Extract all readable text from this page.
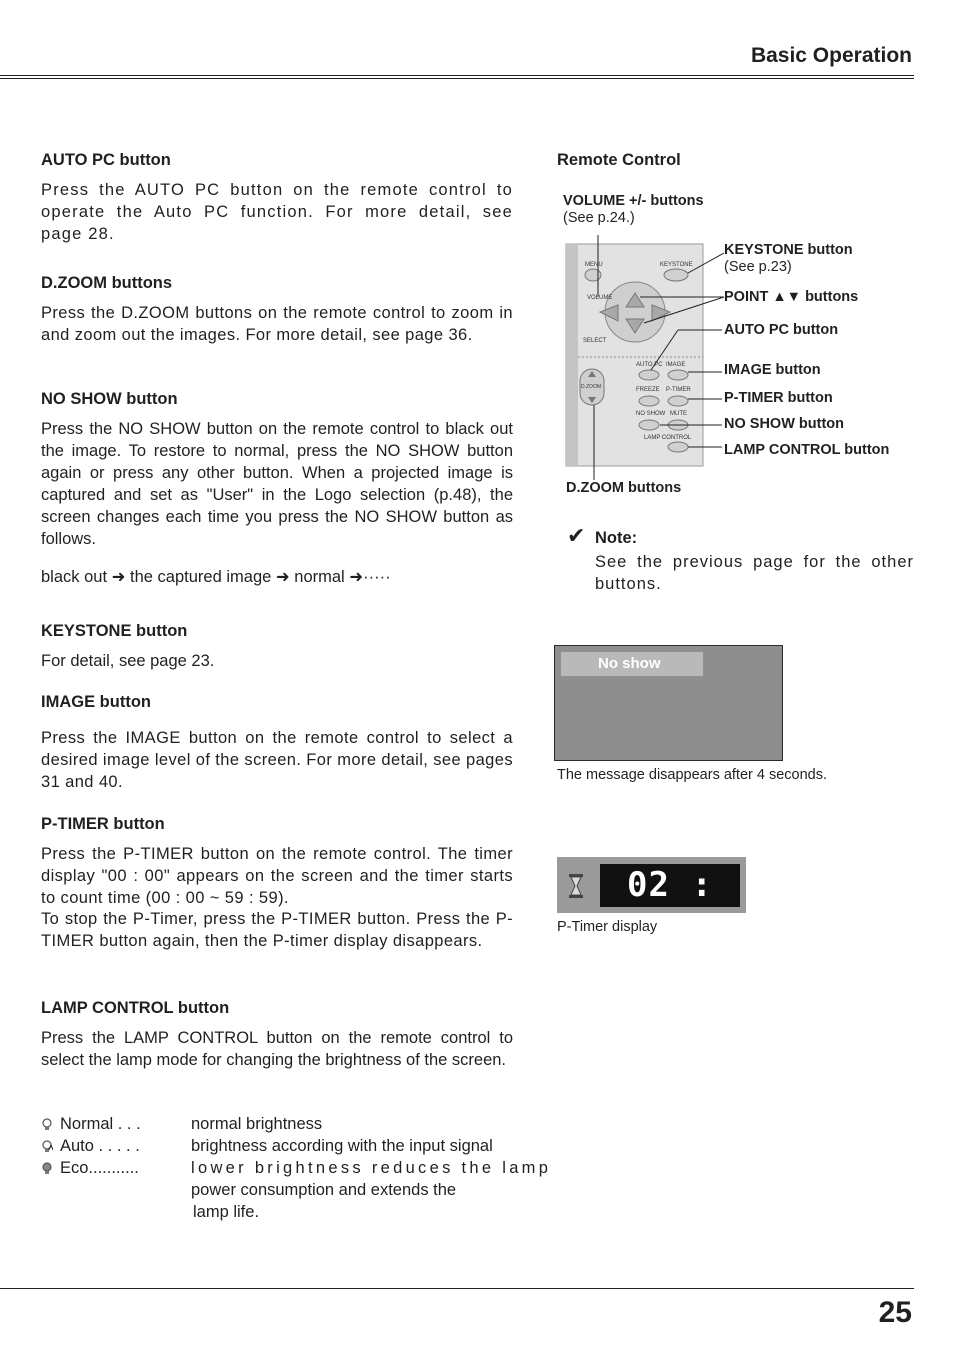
Basic Operation
AUTO PC button
Press the AUTO PC button on the remote control to operate the Auto PC function. For more detail, see page 28.
D.ZOOM buttons
Press the D.ZOOM buttons on the remote control to zoom in and zoom out the images. For more detail, see page 36.
NO SHOW button
Press the NO SHOW button on the remote control to black out the image. To restore to normal, press the NO SHOW button again or press any other button. When a projected image is captured and set as "User" in the Logo selection (p.48), the screen changes each time you press the NO SHOW button as follows.
black out ➜ the captured image ➜ normal ➜·····
KEYSTONE button
For detail, see page 23.
IMAGE button
Press the IMAGE button on the remote control to select a desired image level of the screen. For more detail, see pages 31 and 40.
P-TIMER button
Press the P-TIMER button on the remote control. The timer display "00 : 00" appears on the screen and the timer starts to count time (00 : 00 ~ 59 : 59).
To stop the P-Timer, press the P-TIMER button. Press the P-TIMER button again, then the P-timer display disappears.
LAMP CONTROL button
Press the LAMP CONTROL button on the remote control to select the lamp mode for changing the brightness of the screen.
Normal . . .	normal brightness
Auto . . . . .	brightness according with the input signal
Eco...........	lower brightness reduces the lamp
power consumption and extends the
lamp life.
Remote Control
VOLUME +/- buttons
(See p.24.)
KEYSTONE button
(See p.23)
POINT ▲▼ buttons
AUTO PC button
IMAGE button
P-TIMER button
NO SHOW button
LAMP CONTROL button
D.ZOOM buttons
MENU	KEYSTONE
VOLUME
SELECT
AUTO PC IMAGE
D.ZOOM	FREEZE P-TIMER
NO SHOW MUTE
LAMP CONTROL
✔ Note:
See the previous page for the other buttons.
No show
The message disappears after 4 seconds.
02 : 02
P-Timer display
25
